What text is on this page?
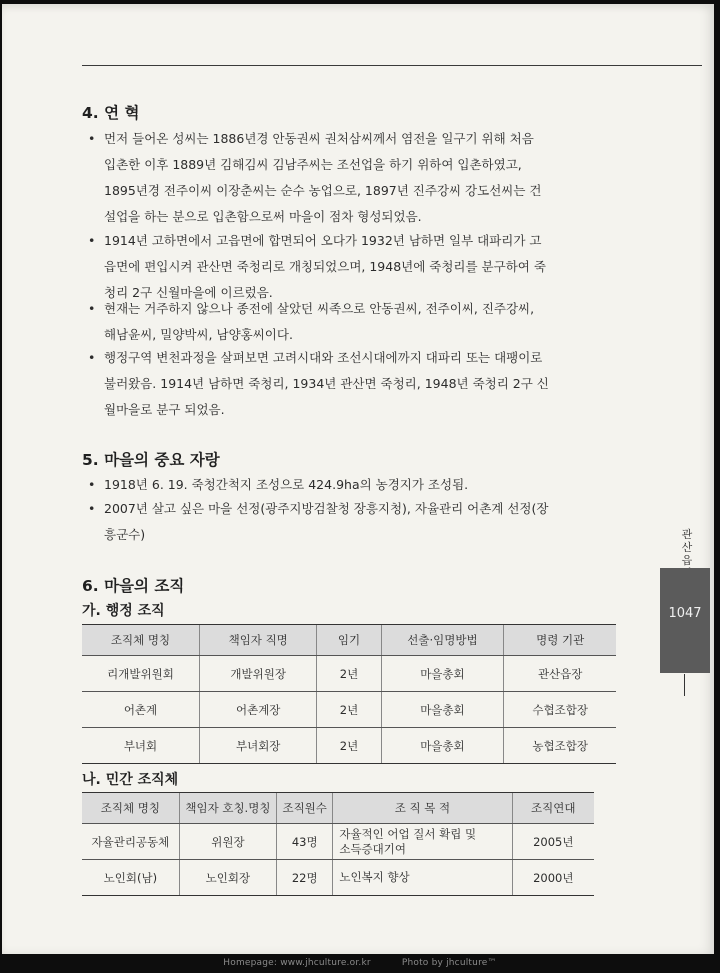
4. 연 혁
• 먼저 들어온 성씨는 1886년경 안동권씨 권처삼씨께서 염전을 일구기 위해 처음
입촌한 이후 1889년 김해김씨 김남주씨는 조선업을 하기 위하여 입촌하였고,
1895년경 전주이씨 이장춘씨는 순수 농업으로, 1897년 진주강씨 강도선씨는 건
설업을 하는 분으로 입촌함으로써 마을이 점차 형성되었음.
• 1914년 고하면에서 고읍면에 합면되어 오다가 1932년 남하면 일부 대파리가 고
읍면에 편입시켜 관산면 죽청리로 개칭되었으며, 1948년에 죽청리를 분구하여 죽
청리 2구 신월마을에 이르렀음.
• 현재는 거주하지 않으나 종전에 살았던 씨족으로 안동권씨, 전주이씨, 진주강씨,
해남윤씨, 밀양박씨, 남양홍씨이다.
• 행정구역 변천과정을 살펴보면 고려시대와 조선시대에까지 대파리 또는 대팽이로
불러왔음. 1914년 남하면 죽청리, 1934년 관산면 죽청리, 1948년 죽청리 2구 신
월마을로 분구 되었음.
5. 마을의 중요 자랑
• 1918년 6. 19. 죽청간척지 조성으로 424.9ha의 농경지가 조성됨.
• 2007년 살고 싶은 마을 선정(광주지방검찰청 장흥지청), 자율관리 어촌계 선정(장
흥군수)
6. 마을의 조직
가. 행정 조직
조직체 명칭	책임자 직명	임기	선출·임명방법	명령 기관
리개발위원회	개발위원장	2년	마을총회	관산읍장
어촌계	어촌계장	2년	마을총회	수협조합장
부녀회	부녀회장	2년	마을총회	농협조합장
나. 민간 조직체
조직체 명칭	책임자 호칭.명칭	조직원수	조 직 목 적	조직연대
자율관리공동체	위원장	43명	자율적인 어업 질서 확립 및
소득증대기여	2005년
노인회(남)	노인회장	22명	노인복지 향상	2000년
관산읍
1047
Homepage: www.jhculture.or.kr	Photo by jhculture™
